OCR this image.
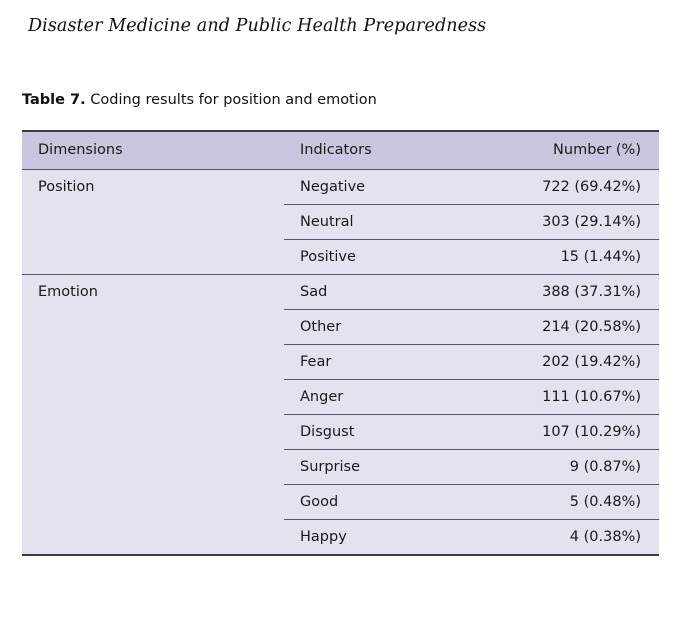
Disaster Medicine and Public Health Preparedness
Table 7. Coding results for position and emotion
Dimensions	Indicators	Number (%)
Position	Negative	722 (69.42%)
	Neutral	303 (29.14%)
	Positive	15 (1.44%)
Emotion	Sad	388 (37.31%)
	Other	214 (20.58%)
	Fear	202 (19.42%)
	Anger	111 (10.67%)
	Disgust	107 (10.29%)
	Surprise	9 (0.87%)
	Good	5 (0.48%)
	Happy	4 (0.38%)
